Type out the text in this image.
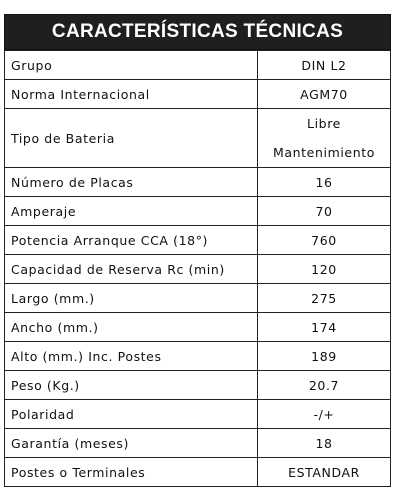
CARACTERÍSTICAS TÉCNICAS
Grupo	DIN L2
Norma Internacional	AGM70
Tipo de Bateria	Libre
Mantenimiento

Número de Placas	16
Amperaje	70
Potencia Arranque CCA (18°)	760
Capacidad de Reserva Rc (min)	120
Largo (mm.)	275
Ancho (mm.)	174
Alto (mm.) Inc. Postes	189
Peso (Kg.)	20.7
Polaridad	-/+
Garantía (meses)	18
Postes o Terminales	ESTANDAR
